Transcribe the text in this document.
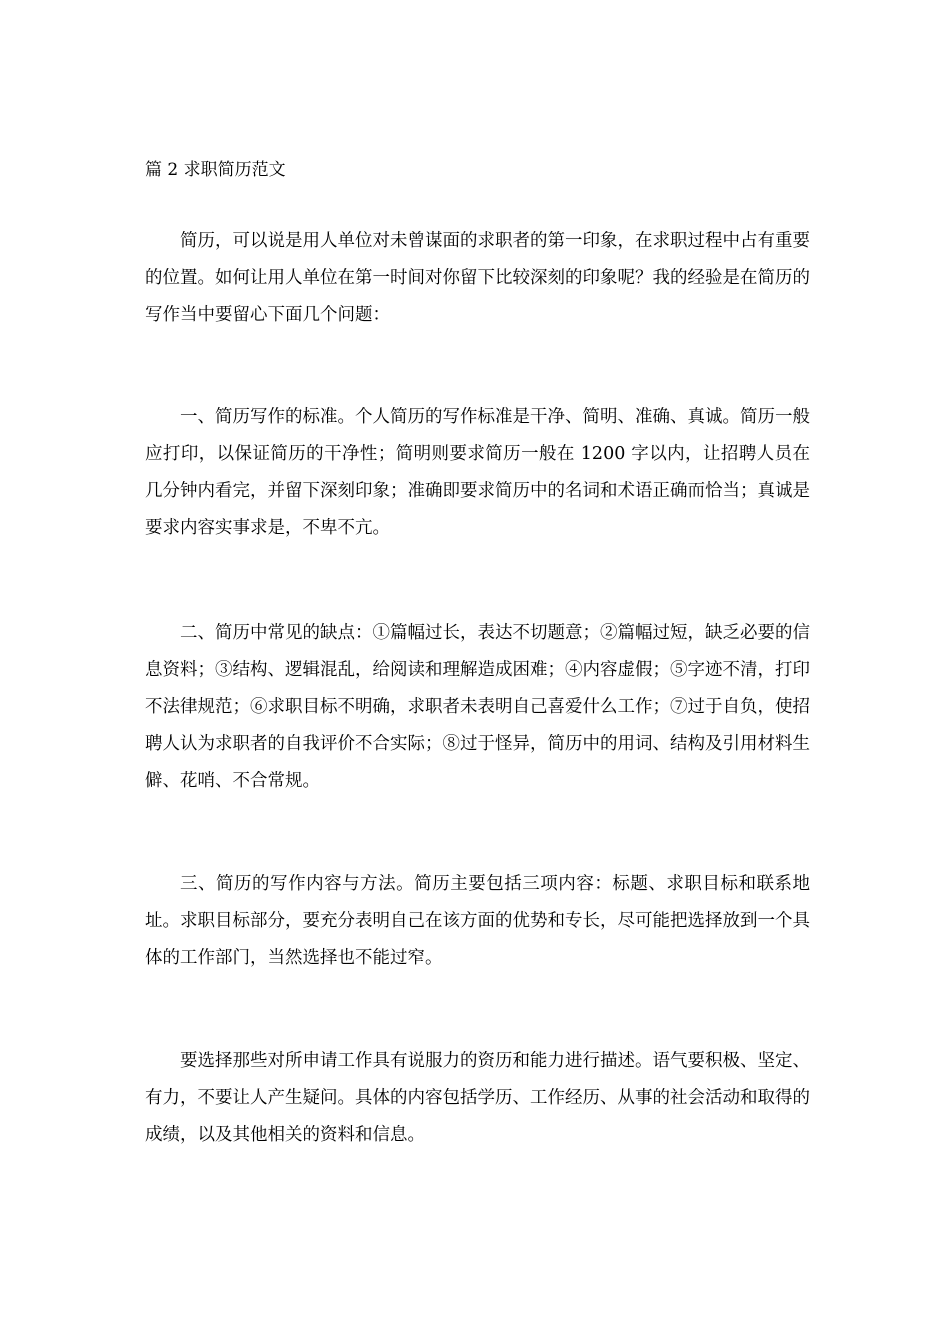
篇 2 求职简历范文

简历，可以说是用人单位对未曾谋面的求职者的第一印象，在求职过程中占有重要的位置。如何让用人单位在第一时间对你留下比较深刻的印象呢？我的经验是在简历的写作当中要留心下面几个问题：

一、简历写作的标准。个人简历的写作标准是干净、简明、准确、真诚。简历一般应打印，以保证简历的干净性；简明则要求简历一般在 1200 字以内，让招聘人员在几分钟内看完，并留下深刻印象；准确即要求简历中的名词和术语正确而恰当；真诚是要求内容实事求是，不卑不亢。

二、简历中常见的缺点：①篇幅过长，表达不切题意；②篇幅过短，缺乏必要的信息资料；③结构、逻辑混乱，给阅读和理解造成困难；④内容虚假；⑤字迹不清，打印不法律规范；⑥求职目标不明确，求职者未表明自己喜爱什么工作；⑦过于自负，使招聘人认为求职者的自我评价不合实际；⑧过于怪异，简历中的用词、结构及引用材料生僻、花哨、不合常规。

三、简历的写作内容与方法。简历主要包括三项内容：标题、求职目标和联系地址。求职目标部分，要充分表明自己在该方面的优势和专长，尽可能把选择放到一个具体的工作部门，当然选择也不能过窄。

要选择那些对所申请工作具有说服力的资历和能力进行描述。语气要积极、坚定、有力，不要让人产生疑问。具体的内容包括学历、工作经历、从事的社会活动和取得的成绩，以及其他相关的资料和信息。
